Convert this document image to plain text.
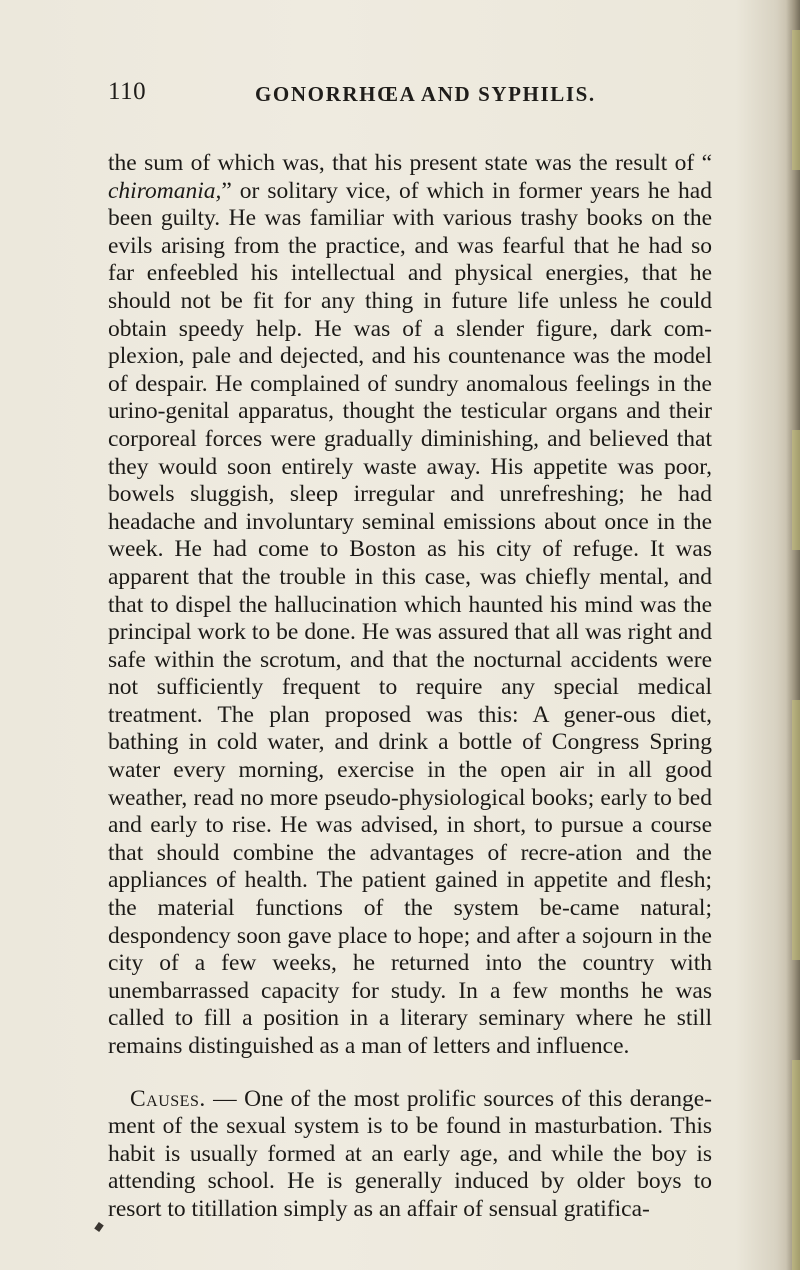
110	GONORRHŒA AND SYPHILIS.

the sum of which was, that his present state was the result of “ chiromania,” or solitary vice, of which in former years he had been guilty. He was familiar with various trashy books on the evils arising from the practice, and was fearful that he had so far enfeebled his intellectual and physical energies, that he should not be fit for any thing in future life unless he could obtain speedy help. He was of a slender figure, dark com-plexion, pale and dejected, and his countenance was the model of despair. He complained of sundry anomalous feelings in the urino-genital apparatus, thought the testicular organs and their corporeal forces were gradually diminishing, and believed that they would soon entirely waste away. His appetite was poor, bowels sluggish, sleep irregular and unrefreshing; he had headache and involuntary seminal emissions about once in the week. He had come to Boston as his city of refuge. It was apparent that the trouble in this case, was chiefly mental, and that to dispel the hallucination which haunted his mind was the principal work to be done. He was assured that all was right and safe within the scrotum, and that the nocturnal accidents were not sufficiently frequent to require any special medical treatment. The plan proposed was this: A gener-ous diet, bathing in cold water, and drink a bottle of Congress Spring water every morning, exercise in the open air in all good weather, read no more pseudo-physiological books; early to bed and early to rise. He was advised, in short, to pursue a course that should combine the advantages of recre-ation and the appliances of health. The patient gained in appetite and flesh; the material functions of the system be-came natural; despondency soon gave place to hope; and after a sojourn in the city of a few weeks, he returned into the country with unembarrassed capacity for study. In a few months he was called to fill a position in a literary seminary where he still remains distinguished as a man of letters and influence.

Causes. — One of the most prolific sources of this derange-ment of the sexual system is to be found in masturbation. This habit is usually formed at an early age, and while the boy is attending school. He is generally induced by older boys to resort to titillation simply as an affair of sensual gratifica-
